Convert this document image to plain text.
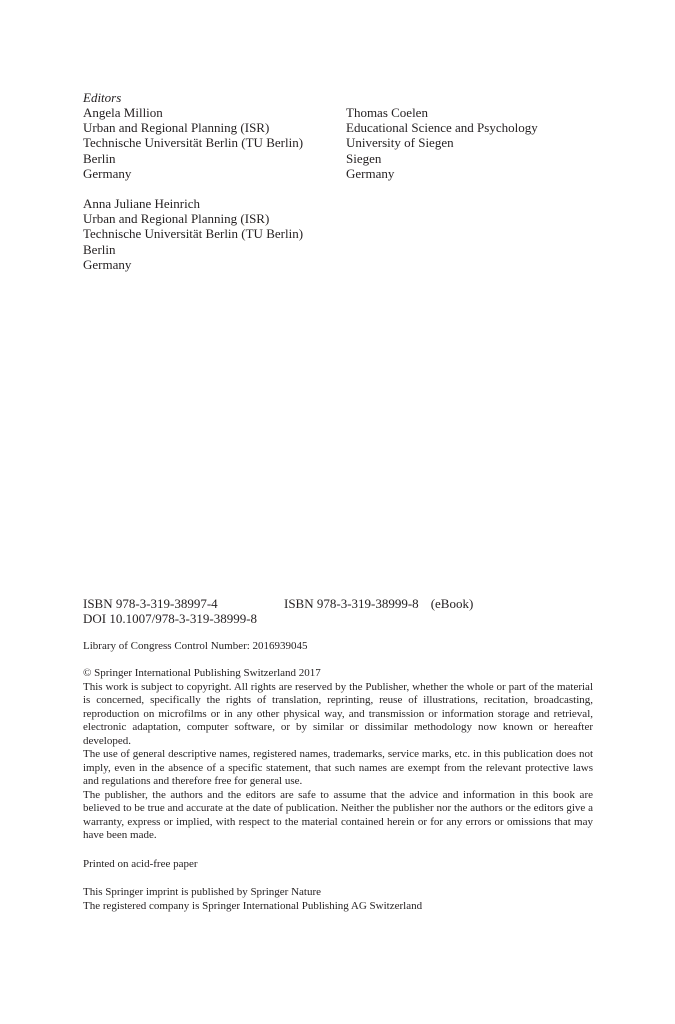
Editors
Angela Million
Urban and Regional Planning (ISR)
Technische Universität Berlin (TU Berlin)
Berlin
Germany
Thomas Coelen
Educational Science and Psychology
University of Siegen
Siegen
Germany
Anna Juliane Heinrich
Urban and Regional Planning (ISR)
Technische Universität Berlin (TU Berlin)
Berlin
Germany
ISBN 978-3-319-38997-4	ISBN 978-3-319-38999-8 (eBook)
DOI 10.1007/978-3-319-38999-8
Library of Congress Control Number: 2016939045
© Springer International Publishing Switzerland 2017

This work is subject to copyright. All rights are reserved by the Publisher, whether the whole or part of the material is concerned, specifically the rights of translation, reprinting, reuse of illustrations, recitation, broadcasting, reproduction on microfilms or in any other physical way, and transmission or information storage and retrieval, electronic adaptation, computer software, or by similar or dissimilar methodology now known or hereafter developed.

The use of general descriptive names, registered names, trademarks, service marks, etc. in this publication does not imply, even in the absence of a specific statement, that such names are exempt from the relevant protective laws and regulations and therefore free for general use.

The publisher, the authors and the editors are safe to assume that the advice and information in this book are believed to be true and accurate at the date of publication. Neither the publisher nor the authors or the editors give a warranty, express or implied, with respect to the material contained herein or for any errors or omissions that may have been made.

Printed on acid-free paper
This Springer imprint is published by Springer Nature
The registered company is Springer International Publishing AG Switzerland
